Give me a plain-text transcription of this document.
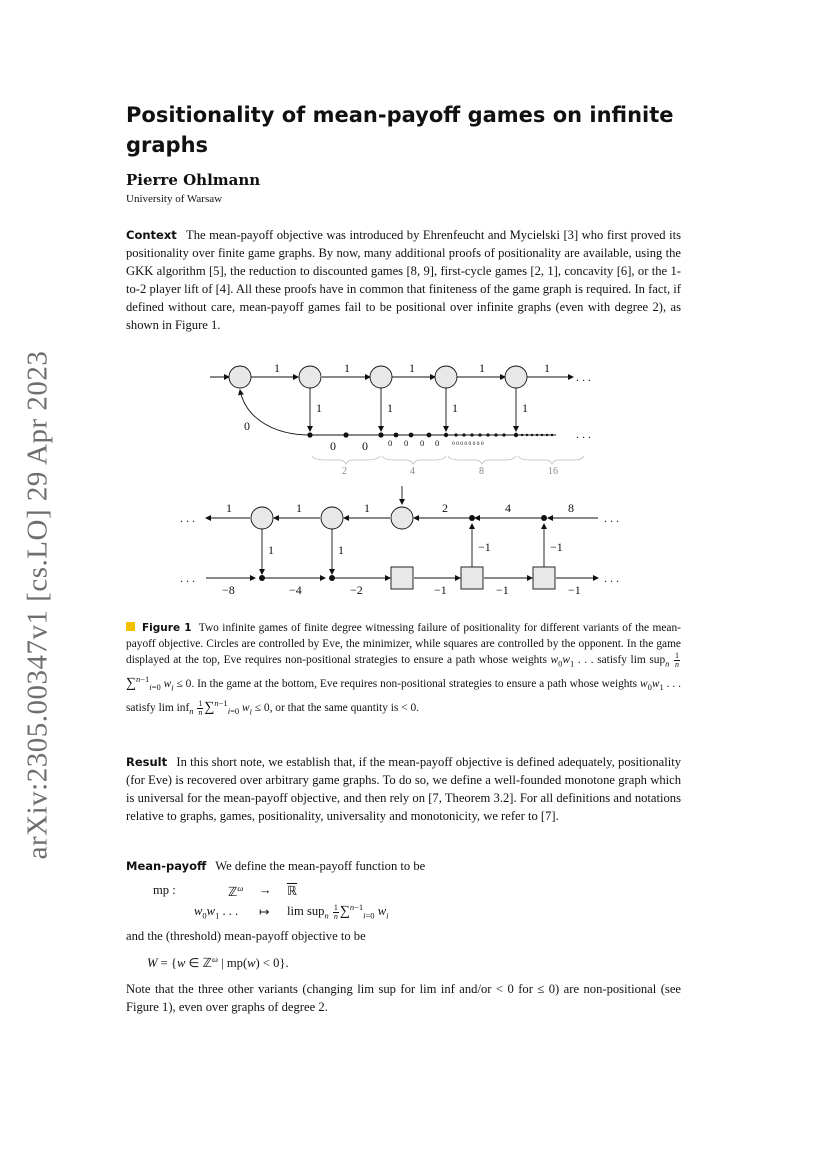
arXiv:2305.00347v1 [cs.LO] 29 Apr 2023
Positionality of mean-payoff games on infinite graphs
Pierre Ohlmann
University of Warsaw

Context The mean-payoff objective was introduced by Ehrenfeucht and Mycielski [3] who first proved its positionality over finite game graphs. By now, many additional proofs of positionality are available, using the GKK algorithm [5], the reduction to discounted games [8, 9], first-cycle games [2, 1], concavity [6], or the 1-to-2 player lift of [4]. All these proofs have in common that finiteness of the game graph is required. In fact, if defined without care, mean-payoff games fail to be positional over infinite graphs (even with degree 2), as shown in Figure 1.

1	1	1	1	1
1	1	1	1
0
0 0
. . .
. . .
0 0 0 0 0 0 0 0 0 0 0 0
2	4	8	16
1	1	1	2	4	8
1	1	−1	−1
−8	−4	−2	−1	−1	−1
. . .
. . .
. . .
. . .

Figure 1 Two infinite games of finite degree witnessing failure of positionality for different variants of the mean-payoff objective. Circles are controlled by Eve, the minimizer, while squares are controlled by the opponent. In the game displayed at the top, Eve requires non-positional strategies to ensure a path whose weights $w_0w_1$ . . . satisfy $\lim sup_n \frac{1}{n}$
∑$^{n-1}_{i=0}$ $w_i \le 0$. In the game at the bottom, Eve requires non-positional strategies to ensure a path whose weights $w_0w_1$ . . . satisfy $\lim inf_n \frac{1}{n} \sum^{n-1}_{i=0}$ $w_i \le 0$, or that the same quantity is < 0.

Result In this short note, we establish that, if the mean-payoff objective is defined adequately, positionality (for Eve) is recovered over arbitrary game graphs. To do so, we define a well-founded monotone graph which is universal for the mean-payoff objective, and then rely on [7, Theorem 3.2]. For all definitions and notations relative to graphs, games, positionality, universality and monotonicity, we refer to [7].

Mean-payoff We define the mean-payoff function to be

mp :	ℤ$^\omega$ → ℝ
$w_0w_1$ . . . ↦ $\lim sup_n \frac{1}{n} \sum^{n-1}_{i=0}$ $w_i$

and the (threshold) mean-payoff objective to be

W = {w ∈ ℤ$^\omega$ | mp(w) < 0}.

Note that the three other variants (changing lim sup for lim inf and/or < 0 for ≤ 0) are non-positional (see Figure 1), even over graphs of degree 2.
